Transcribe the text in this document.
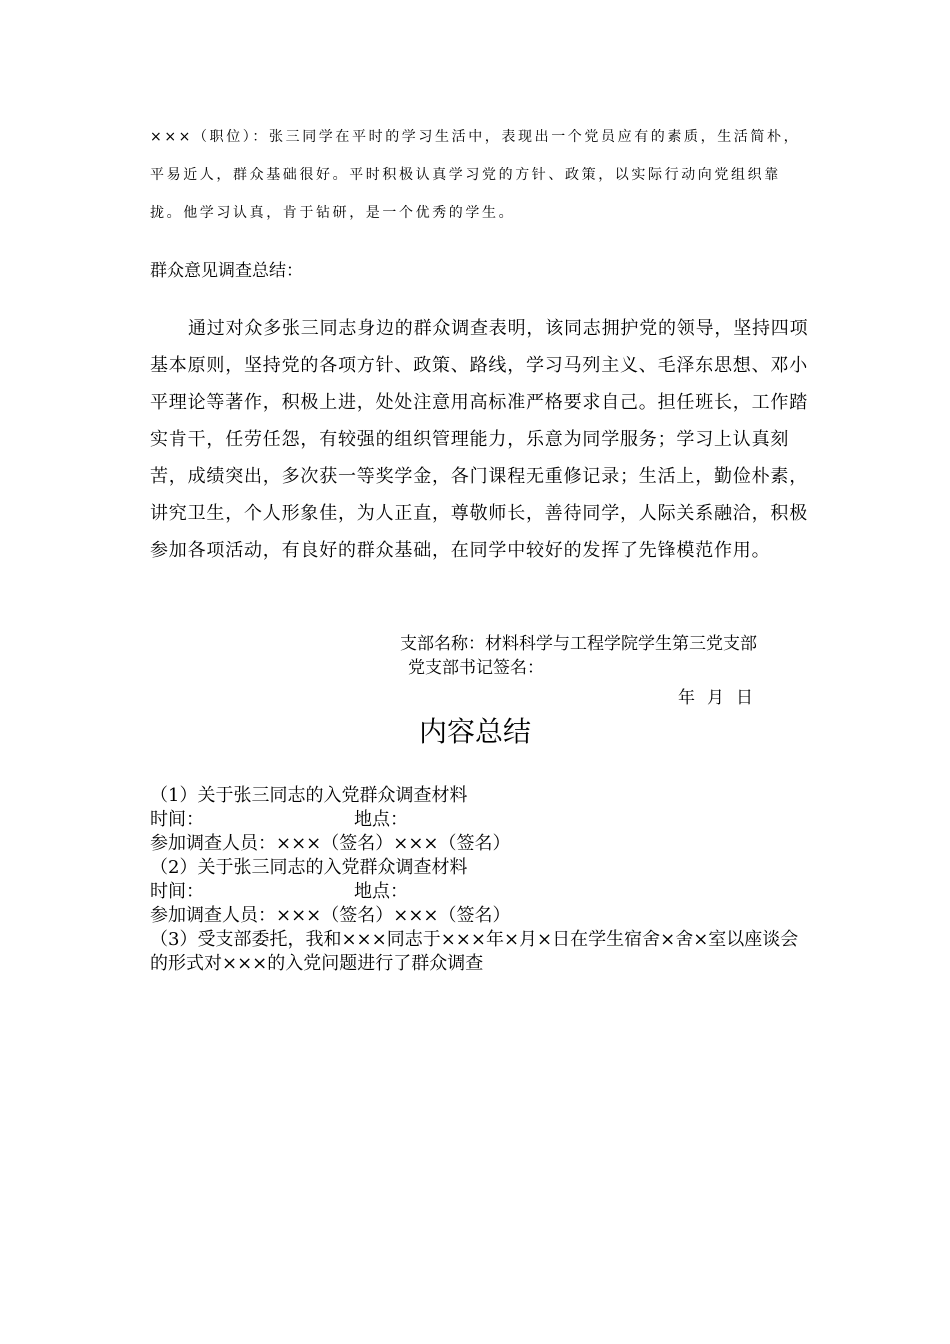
×××（职位）：张三同学在平时的学习生活中，表现出一个党员应有的素质，生活简朴，平易近人，群众基础很好。平时积极认真学习党的方针、政策，以实际行动向党组织靠拢。他学习认真，肯于钻研，是一个优秀的学生。

群众意见调查总结：

通过对众多张三同志身边的群众调查表明，该同志拥护党的领导，坚持四项基本原则，坚持党的各项方针、政策、路线，学习马列主义、毛泽东思想、邓小平理论等著作，积极上进，处处注意用高标准严格要求自己。担任班长，工作踏实肯干，任劳任怨，有较强的组织管理能力，乐意为同学服务；学习上认真刻苦，成绩突出，多次获一等奖学金，各门课程无重修记录；生活上，勤俭朴素，讲究卫生，个人形象佳，为人正直，尊敬师长，善待同学，人际关系融洽，积极参加各项活动，有良好的群众基础，在同学中较好的发挥了先锋模范作用。

支部名称：材料科学与工程学院学生第三党支部
党支部书记签名：
年月日
内容总结
（1）关于张三同志的入党群众调查材料
时间：	地点：
参加调查人员：×××（签名）×××（签名）
（2）关于张三同志的入党群众调查材料
时间：	地点：
参加调查人员：×××（签名）×××（签名）
（3）受支部委托，我和×××同志于×××年×月×日在学生宿舍×舍×室以座谈会的形式对×××的入党问题进行了群众调查
